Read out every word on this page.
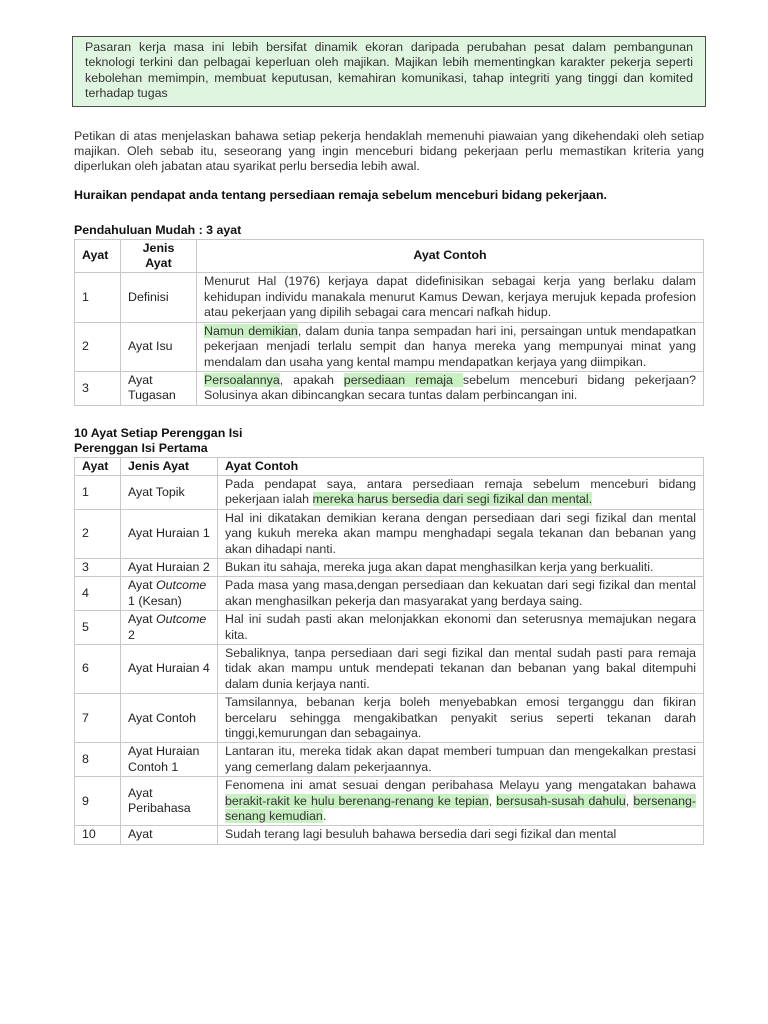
Pasaran kerja masa ini lebih bersifat dinamik ekoran daripada perubahan pesat dalam pembangunan teknologi terkini dan pelbagai keperluan oleh majikan. Majikan lebih mementingkan karakter pekerja seperti kebolehan memimpin, membuat keputusan, kemahiran komunikasi, tahap integriti yang tinggi dan komited terhadap tugas

Petikan di atas menjelaskan bahawa setiap pekerja hendaklah memenuhi piawaian yang dikehendaki oleh setiap majikan. Oleh sebab itu, seseorang yang ingin menceburi bidang pekerjaan perlu memastikan kriteria yang diperlukan oleh jabatan atau syarikat perlu bersedia lebih awal.

Huraikan pendapat anda tentang persediaan remaja sebelum menceburi bidang pekerjaan.

Pendahuluan Mudah : 3 ayat
Ayat	Jenis Ayat	Ayat Contoh
1	Definisi	Menurut Hal (1976) kerjaya dapat didefinisikan sebagai kerja yang berlaku dalam kehidupan individu manakala menurut Kamus Dewan, kerjaya merujuk kepada profesion atau pekerjaan yang dipilih sebagai cara mencari nafkah hidup.
2	Ayat Isu	Namun demikian, dalam dunia tanpa sempadan hari ini, persaingan untuk mendapatkan pekerjaan menjadi terlalu sempit dan hanya mereka yang mempunyai minat yang mendalam dan usaha yang kental mampu mendapatkan kerjaya yang diimpikan.
3	Ayat Tugasan	Persoalannya, apakah persediaan remaja sebelum menceburi bidang pekerjaan? Solusinya akan dibincangkan secara tuntas dalam perbincangan ini.
10 Ayat Setiap Perenggan Isi
Perenggan Isi Pertama
Ayat	Jenis Ayat	Ayat Contoh
1	Ayat Topik	Pada pendapat saya, antara persediaan remaja sebelum menceburi bidang pekerjaan ialah mereka harus bersedia dari segi fizikal dan mental.
2	Ayat Huraian 1	Hal ini dikatakan demikian kerana dengan persediaan dari segi fizikal dan mental yang kukuh mereka akan mampu menghadapi segala tekanan dan bebanan yang akan dihadapi nanti.
3	Ayat Huraian 2	Bukan itu sahaja, mereka juga akan dapat menghasilkan kerja yang berkualiti.
4	Ayat Outcome 1 (Kesan)	Pada masa yang masa,dengan persediaan dan kekuatan dari segi fizikal dan mental akan menghasilkan pekerja dan masyarakat yang berdaya saing.
5	Ayat Outcome 2	Hal ini sudah pasti akan melonjakkan ekonomi dan seterusnya memajukan negara kita.
6	Ayat Huraian 4	Sebaliknya, tanpa persediaan dari segi fizikal dan mental sudah pasti para remaja tidak akan mampu untuk mendepati tekanan dan bebanan yang bakal ditempuhi dalam dunia kerjaya nanti.
7	Ayat Contoh	Tamsilannya, bebanan kerja boleh menyebabkan emosi terganggu dan fikiran bercelaru sehingga mengakibatkan penyakit serius seperti tekanan darah tinggi,kemurungan dan sebagainya.
8	Ayat Huraian Contoh 1	Lantaran itu, mereka tidak akan dapat memberi tumpuan dan mengekalkan prestasi yang cemerlang dalam pekerjaannya.
9	Ayat Peribahasa	Fenomena ini amat sesuai dengan peribahasa Melayu yang mengatakan bahawa berakit-rakit ke hulu berenang-renang ke tepian, bersusah-susah dahulu, bersenang-senang kemudian.
10	Ayat	Sudah terang lagi besuluh bahawa bersedia dari segi fizikal dan mental
